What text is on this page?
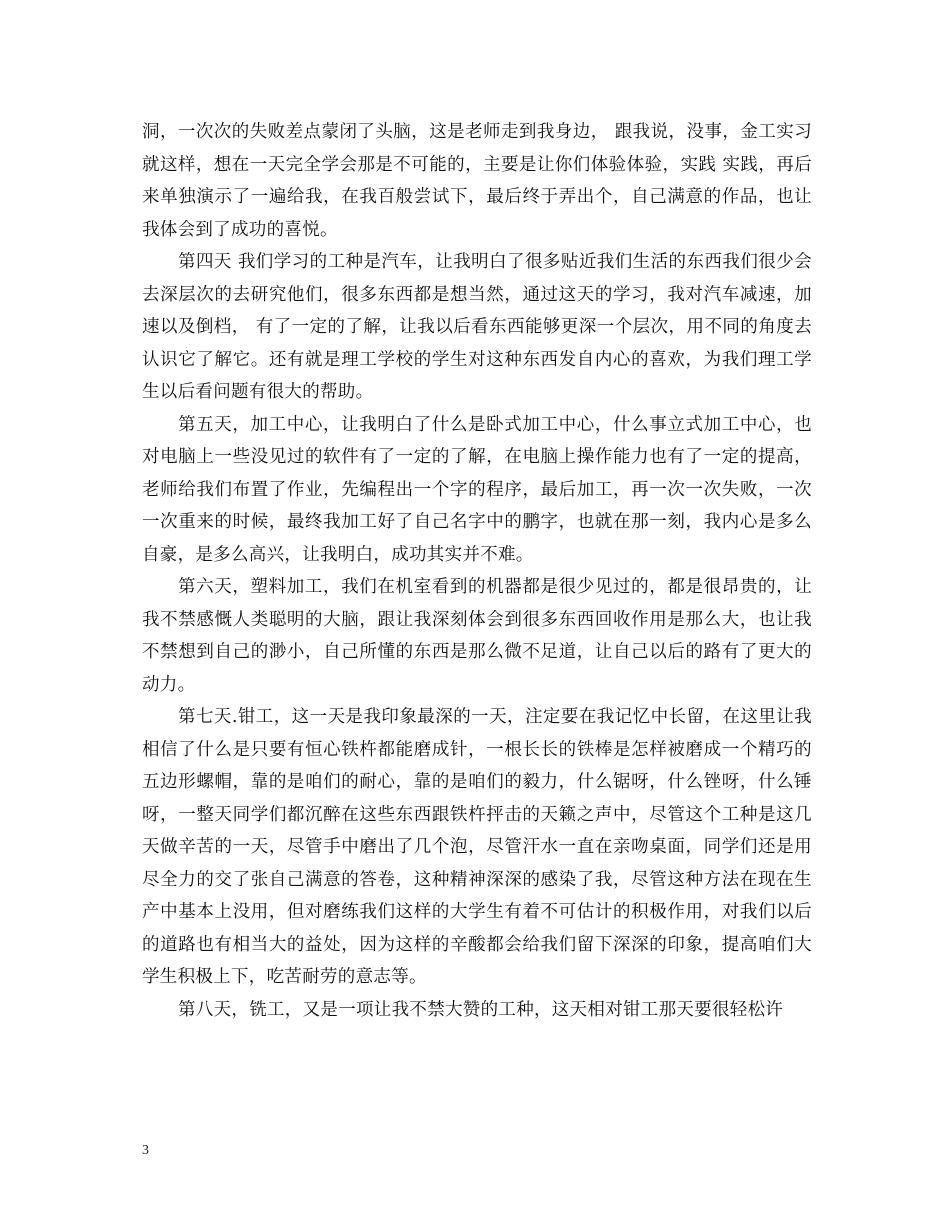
洞，一次次的失败差点蒙闭了头脑，这是老师走到我身边， 跟我说，没事，金工实习就这样，想在一天完全学会那是不可能的，主要是让你们体验体验，实践 实践，再后来单独演示了一遍给我，在我百般尝试下，最后终于弄出个，自己满意的作品，也让我体会到了成功的喜悦。

第四天 我们学习的工种是汽车，让我明白了很多贴近我们生活的东西我们很少会去深层次的去研究他们，很多东西都是想当然，通过这天的学习，我对汽车减速，加速以及倒档， 有了一定的了解，让我以后看东西能够更深一个层次，用不同的角度去认识它了解它。还有就是理工学校的学生对这种东西发自内心的喜欢，为我们理工学生以后看问题有很大的帮助。

第五天，加工中心，让我明白了什么是卧式加工中心，什么事立式加工中心，也对电脑上一些没见过的软件有了一定的了解，在电脑上操作能力也有了一定的提高，老师给我们布置了作业，先编程出一个字的程序，最后加工，再一次一次失败，一次一次重来的时候，最终我加工好了自己名字中的鹏字，也就在那一刻，我内心是多么自豪，是多么高兴，让我明白，成功其实并不难。

第六天，塑料加工，我们在机室看到的机器都是很少见过的，都是很昂贵的，让我不禁感慨人类聪明的大脑，跟让我深刻体会到很多东西回收作用是那么大，也让我不禁想到自己的渺小，自己所懂的东西是那么微不足道，让自己以后的路有了更大的动力。

第七天.钳工，这一天是我印象最深的一天，注定要在我记忆中长留，在这里让我相信了什么是只要有恒心铁杵都能磨成针，一根长长的铁棒是怎样被磨成一个精巧的五边形螺帽，靠的是咱们的耐心，靠的是咱们的毅力，什么锯呀，什么锉呀，什么锤呀，一整天同学们都沉醉在这些东西跟铁杵抨击的天籁之声中，尽管这个工种是这几天做辛苦的一天，尽管手中磨出了几个泡，尽管汗水一直在亲吻桌面，同学们还是用尽全力的交了张自己满意的答卷，这种精神深深的感染了我，尽管这种方法在现在生产中基本上没用，但对磨练我们这样的大学生有着不可估计的积极作用，对我们以后的道路也有相当大的益处，因为这样的辛酸都会给我们留下深深的印象，提高咱们大学生积极上下，吃苦耐劳的意志等。

第八天，铣工，又是一项让我不禁大赞的工种，这天相对钳工那天要很轻松许

3
